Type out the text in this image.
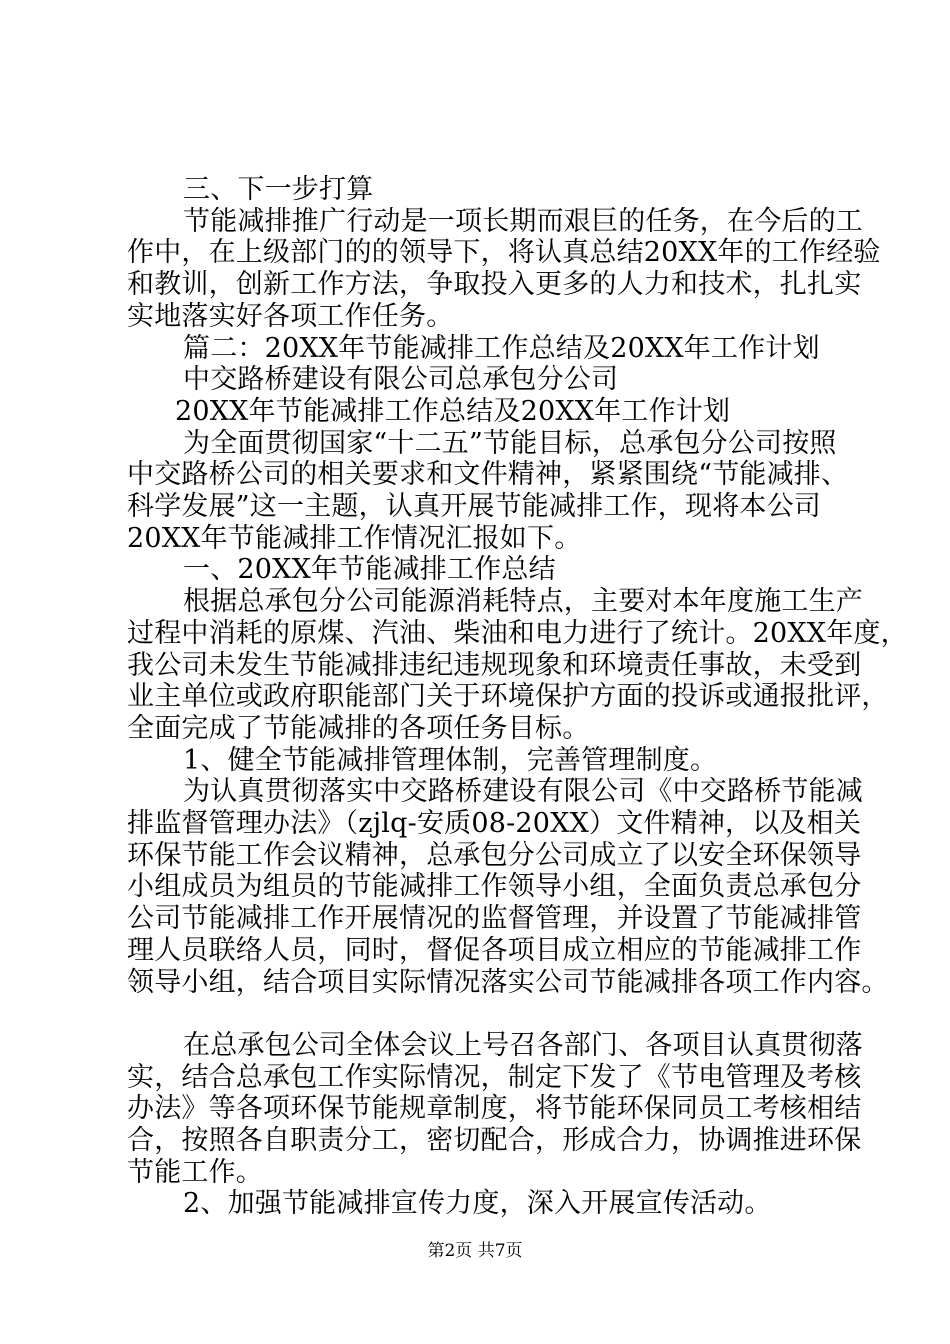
三、下一步打算
节能减排推广行动是一项长期而艰巨的任务，在今后的工
作中，在上级部门的的领导下，将认真总结20XX年的工作经验
和教训，创新工作方法，争取投入更多的人力和技术，扎扎实
实地落实好各项工作任务。
篇二：20XX年节能减排工作总结及20XX年工作计划
中交路桥建设有限公司总承包分公司
20XX年节能减排工作总结及20XX年工作计划
为全面贯彻国家“十二五”节能目标，总承包分公司按照
中交路桥公司的相关要求和文件精神，紧紧围绕“节能减排、
科学发展”这一主题，认真开展节能减排工作，现将本公司
20XX年节能减排工作情况汇报如下。
一、20XX年节能减排工作总结
根据总承包分公司能源消耗特点，主要对本年度施工生产
过程中消耗的原煤、汽油、柴油和电力进行了统计。20XX年度，
我公司未发生节能减排违纪违规现象和环境责任事故，未受到
业主单位或政府职能部门关于环境保护方面的投诉或通报批评，
全面完成了节能减排的各项任务目标。
1、健全节能减排管理体制，完善管理制度。
为认真贯彻落实中交路桥建设有限公司《中交路桥节能减
排监督管理办法》（zjlq-安质08-20XX）文件精神，以及相关
环保节能工作会议精神，总承包分公司成立了以安全环保领导
小组成员为组员的节能减排工作领导小组，全面负责总承包分
公司节能减排工作开展情况的监督管理，并设置了节能减排管
理人员联络人员，同时，督促各项目成立相应的节能减排工作
领导小组，结合项目实际情况落实公司节能减排各项工作内容。
在总承包公司全体会议上号召各部门、各项目认真贯彻落
实，结合总承包工作实际情况，制定下发了《节电管理及考核
办法》等各项环保节能规章制度，将节能环保同员工考核相结
合，按照各自职责分工，密切配合，形成合力，协调推进环保
节能工作。
2、加强节能减排宣传力度，深入开展宣传活动。
第2页 共7页
